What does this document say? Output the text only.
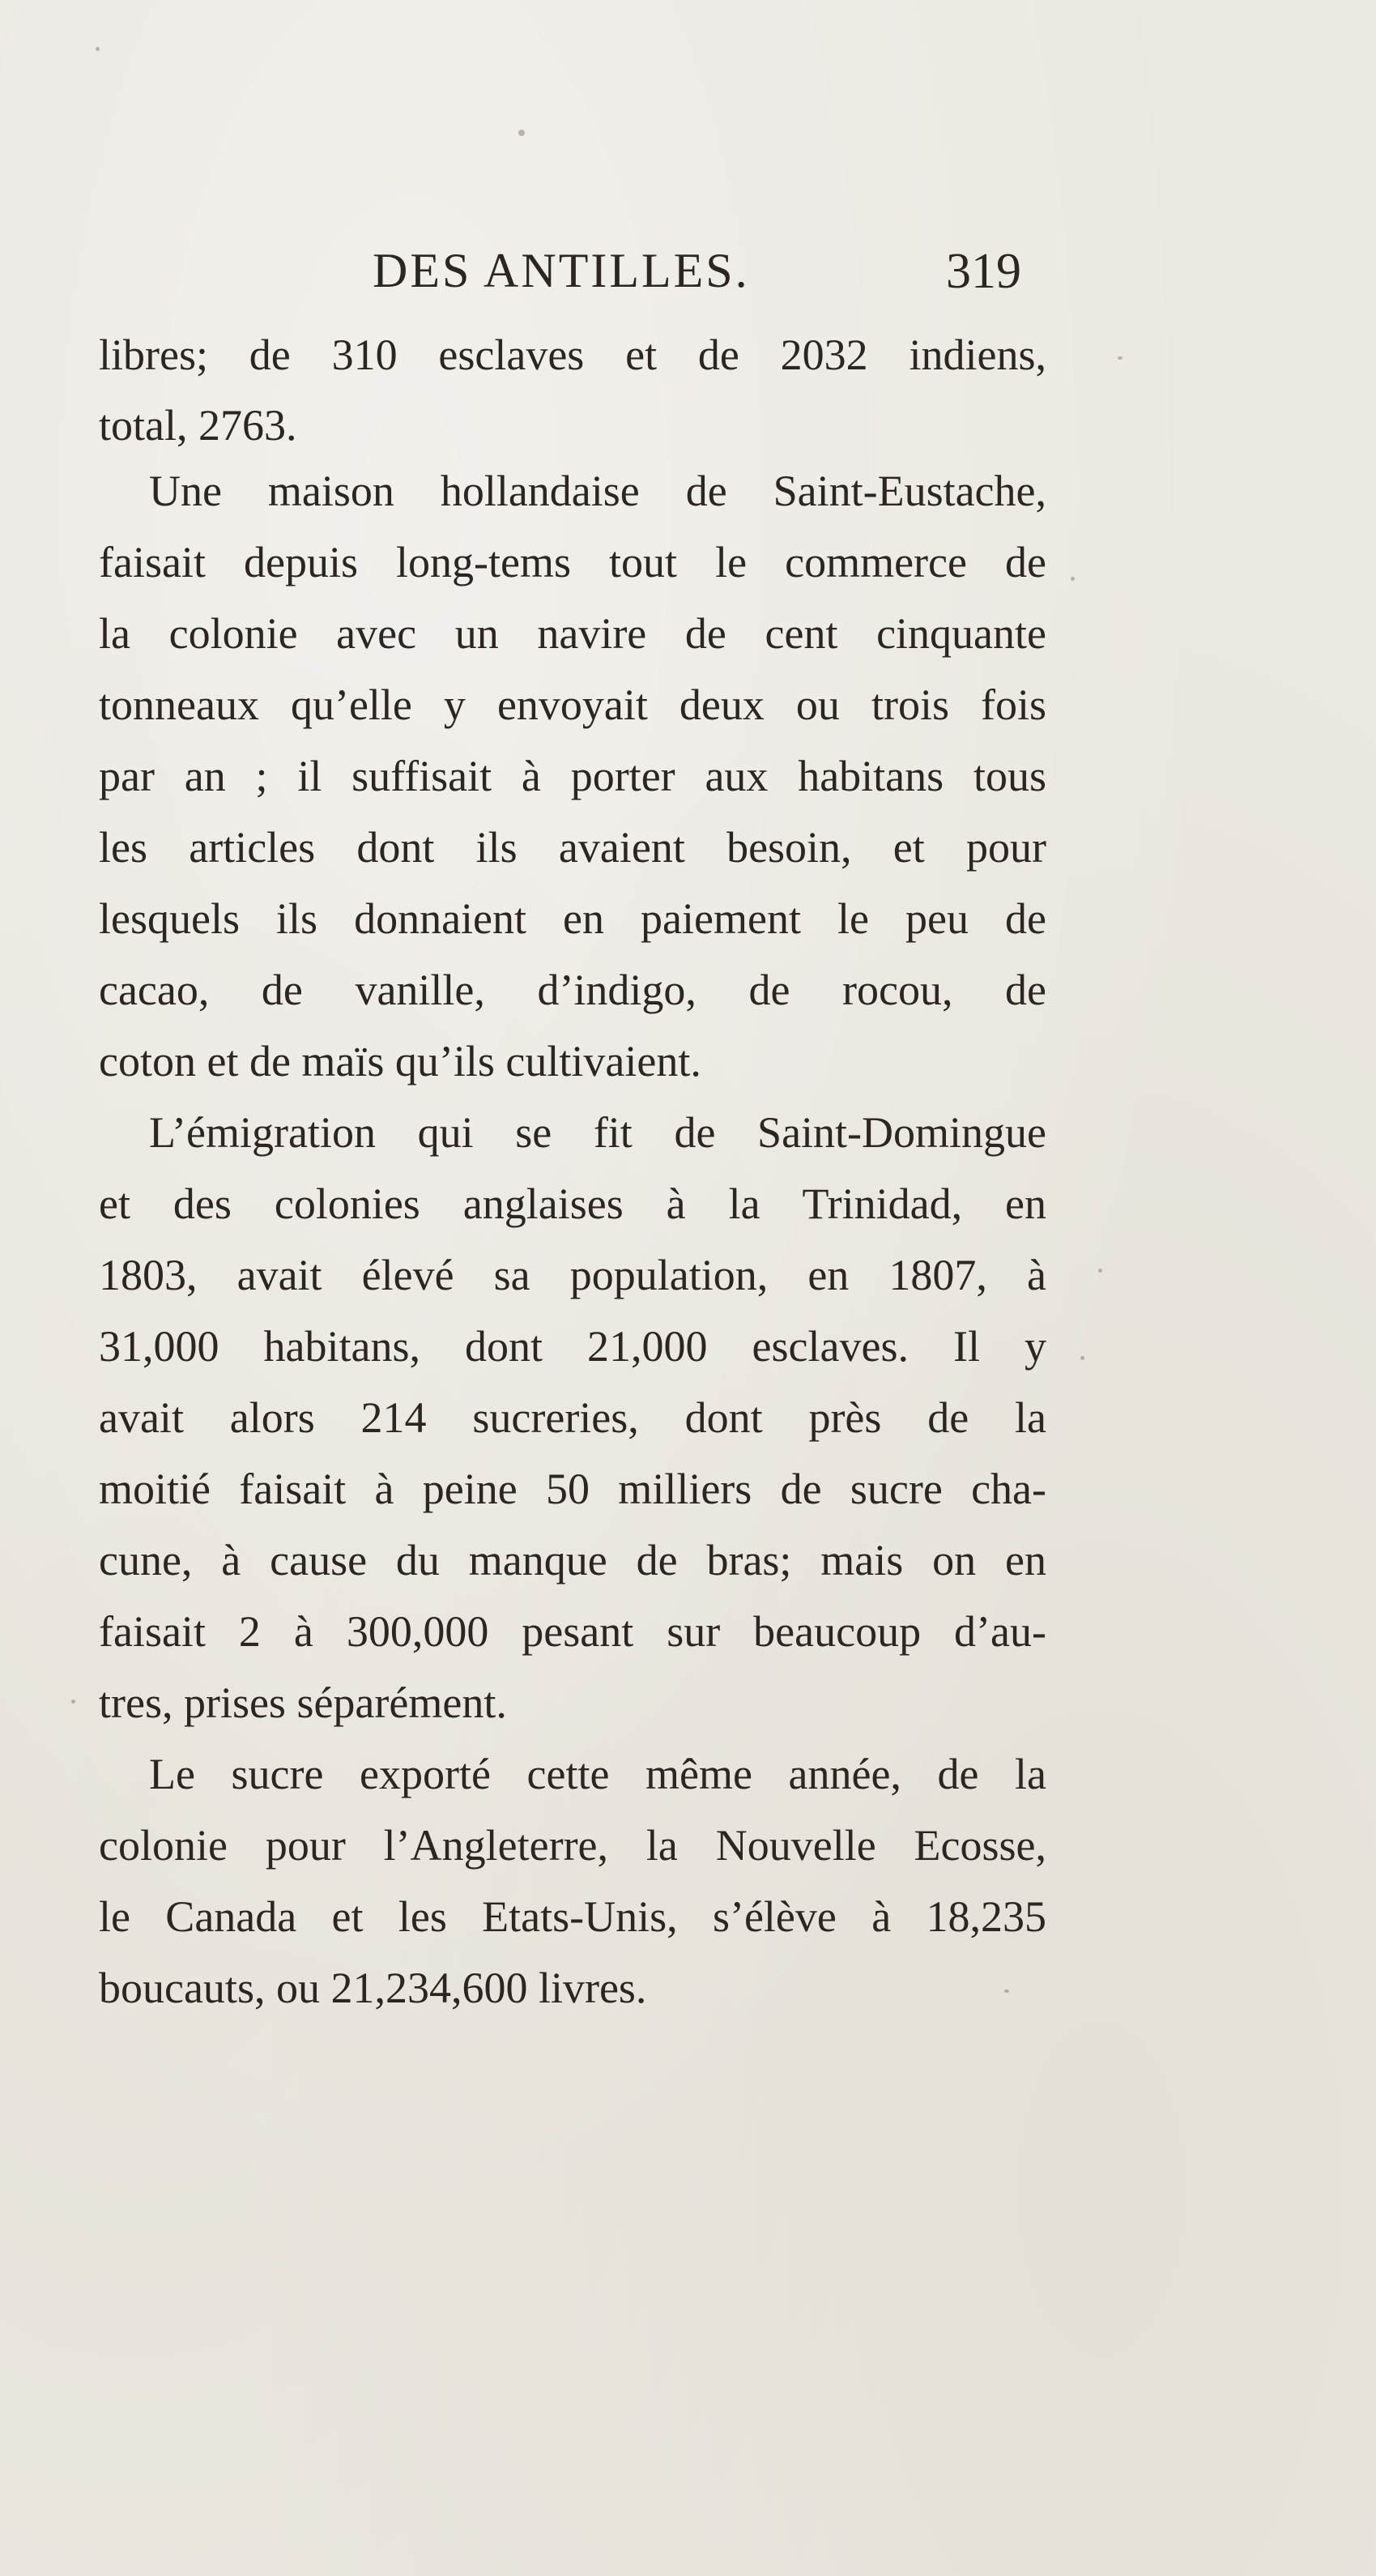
DES ANTILLES.	319
libres; de 310 esclaves et de 2032 indiens,
total, 2763.
Une maison hollandaise de Saint-Eustache,
faisait depuis long-tems tout le commerce de
la colonie avec un navire de cent cinquante
tonneaux qu’elle y envoyait deux ou trois fois
par an ; il suffisait à porter aux habitans tous
les articles dont ils avaient besoin, et pour
lesquels ils donnaient en paiement le peu de
cacao, de vanille, d’indigo, de rocou, de
coton et de maïs qu’ils cultivaient.
L’émigration qui se fit de Saint-Domingue
et des colonies anglaises à la Trinidad, en
1803, avait élevé sa population, en 1807, à
31,000 habitans, dont 21,000 esclaves. Il y
avait alors 214 sucreries, dont près de la
moitié faisait à peine 50 milliers de sucre cha-
cune, à cause du manque de bras; mais on en
faisait 2 à 300,000 pesant sur beaucoup d’au-
tres, prises séparément.
Le sucre exporté cette même année, de la
colonie pour l’Angleterre, la Nouvelle Ecosse,
le Canada et les Etats-Unis, s’élève à 18,235
boucauts, ou 21,234,600 livres.
